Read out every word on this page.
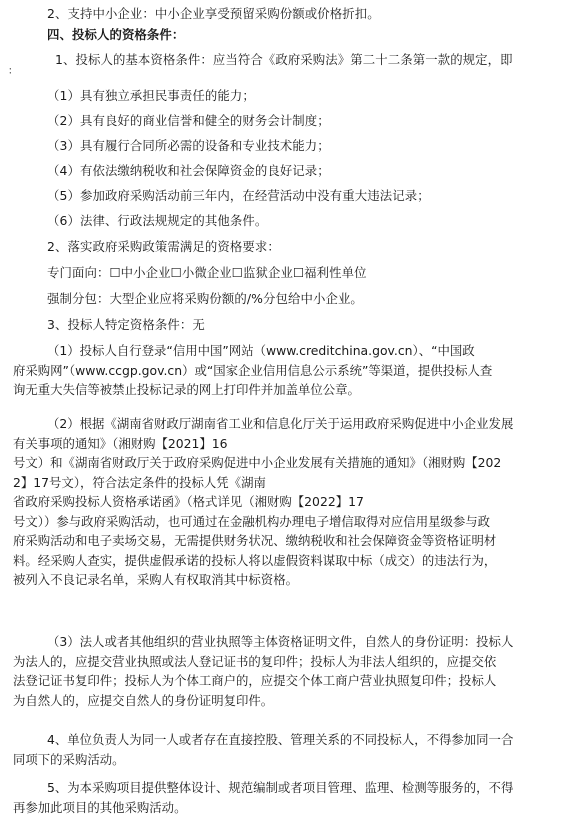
2、支持中小企业：中小企业享受预留采购份额或价格折扣。
四、投标人的资格条件：
1、投标人的基本资格条件：应当符合《政府采购法》第二十二条第一款的规定，即
：
（1）具有独立承担民事责任的能力；
（2）具有良好的商业信誉和健全的财务会计制度；
（3）具有履行合同所必需的设备和专业技术能力；
（4）有依法缴纳税收和社会保障资金的良好记录；
（5）参加政府采购活动前三年内，在经营活动中没有重大违法记录；
（6）法律、行政法规规定的其他条件。
2、落实政府采购政策需满足的资格要求：
专门面向：☐中小企业☐小微企业☐监狱企业☐福利性单位
强制分包：大型企业应将采购份额的/%分包给中小企业。
3、投标人特定资格条件：无
（1）投标人自行登录“信用中国”网站（www.creditchina.gov.cn）、“中国政
府采购网”（www.ccgp.gov.cn）或“国家企业信用信息公示系统”等渠道，提供投标人查
询无重大失信等被禁止投标记录的网上打印件并加盖单位公章。
（2）根据《湖南省财政厅湖南省工业和信息化厅关于运用政府采购促进中小企业发展
有关事项的通知》（湘财购【2021】16
号文）和《湖南省财政厅关于政府采购促进中小企业发展有关措施的通知》（湘财购【202
2】17号文），符合法定条件的投标人凭《湖南
省政府采购投标人资格承诺函》（格式详见（湘财购【2022】17
号文））参与政府采购活动，也可通过在金融机构办理电子增信取得对应信用星级参与政
府采购活动和电子卖场交易，无需提供财务状况、缴纳税收和社会保障资金等资格证明材
料。经采购人查实，提供虚假承诺的投标人将以虚假资料谋取中标（成交）的违法行为，
被列入不良记录名单，采购人有权取消其中标资格。
（3）法人或者其他组织的营业执照等主体资格证明文件，自然人的身份证明：投标人
为法人的，应提交营业执照或法人登记证书的复印件；投标人为非法人组织的，应提交依
法登记证书复印件；投标人为个体工商户的，应提交个体工商户营业执照复印件；投标人
为自然人的，应提交自然人的身份证明复印件。
4、单位负责人为同一人或者存在直接控股、管理关系的不同投标人，不得参加同一合
同项下的采购活动。
5、为本采购项目提供整体设计、规范编制或者项目管理、监理、检测等服务的，不得
再参加此项目的其他采购活动。
